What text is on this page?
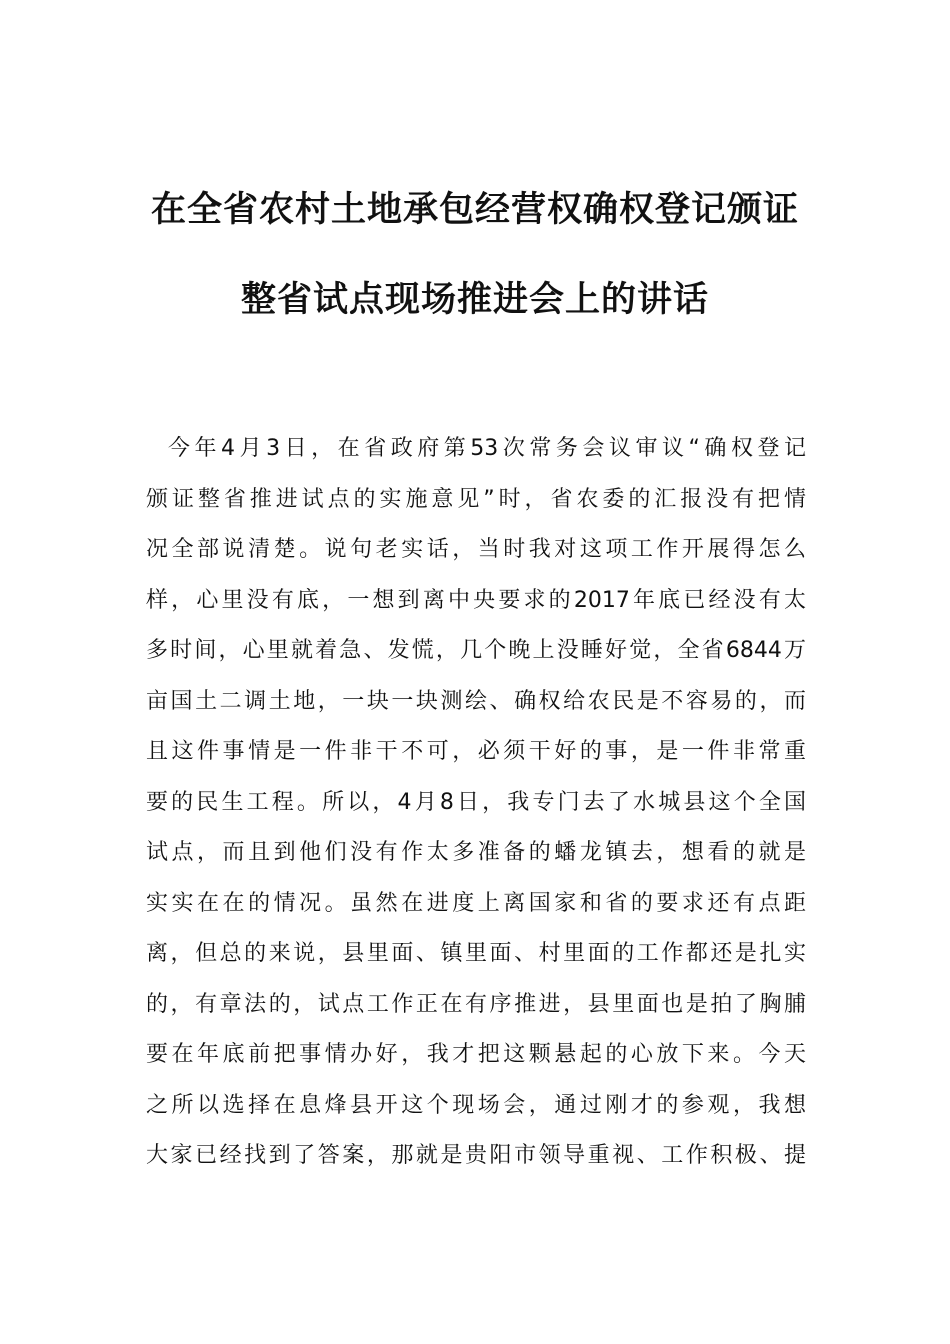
在全省农村土地承包经营权确权登记颁证
整省试点现场推进会上的讲话
今年4月3日，在省政府第53次常务会议审议“确权登记
颁证整省推进试点的实施意见”时，省农委的汇报没有把情
况全部说清楚。说句老实话，当时我对这项工作开展得怎么
样，心里没有底，一想到离中央要求的2017年底已经没有太
多时间，心里就着急、发慌，几个晚上没睡好觉，全省6844万
亩国土二调土地，一块一块测绘、确权给农民是不容易的，而
且这件事情是一件非干不可，必须干好的事，是一件非常重
要的民生工程。所以，4月8日，我专门去了水城县这个全国
试点，而且到他们没有作太多准备的蟠龙镇去，想看的就是
实实在在的情况。虽然在进度上离国家和省的要求还有点距
离，但总的来说，县里面、镇里面、村里面的工作都还是扎实
的，有章法的，试点工作正在有序推进，县里面也是拍了胸脯
要在年底前把事情办好，我才把这颗悬起的心放下来。今天
之所以选择在息烽县开这个现场会，通过刚才的参观，我想
大家已经找到了答案，那就是贵阳市领导重视、工作积极、提
